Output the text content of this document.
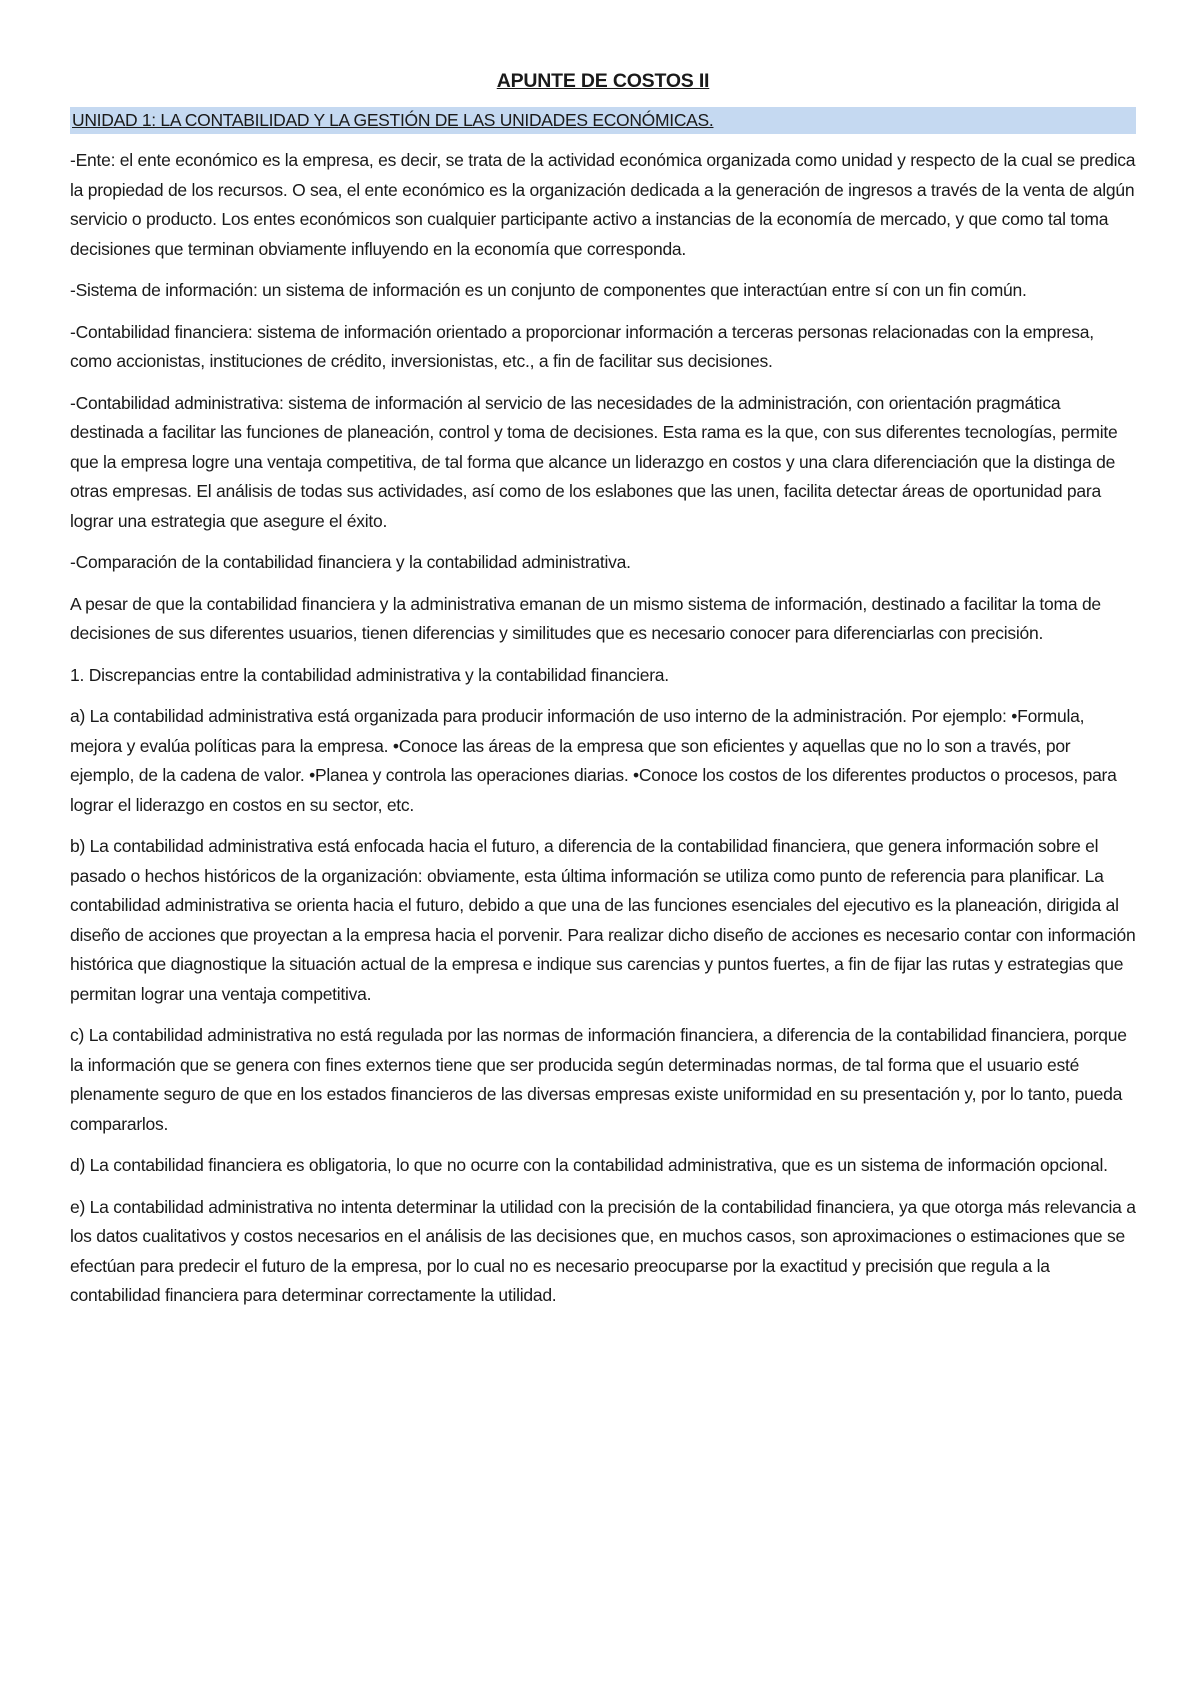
APUNTE DE COSTOS II
UNIDAD 1: LA CONTABILIDAD Y LA GESTIÓN DE LAS UNIDADES ECONÓMICAS.

-Ente: el ente económico es la empresa, es decir, se trata de la actividad económica organizada como unidad y respecto de la cual se predica la propiedad de los recursos. O sea, el ente económico es la organización dedicada a la generación de ingresos a través de la venta de algún servicio o producto. Los entes económicos son cualquier participante activo a instancias de la economía de mercado, y que como tal toma decisiones que terminan obviamente influyendo en la economía que corresponda.

-Sistema de información: un sistema de información es un conjunto de componentes que interactúan entre sí con un fin común.

-Contabilidad financiera: sistema de información orientado a proporcionar información a terceras personas relacionadas con la empresa, como accionistas, instituciones de crédito, inversionistas, etc., a fin de facilitar sus decisiones.

-Contabilidad administrativa: sistema de información al servicio de las necesidades de la administración, con orientación pragmática destinada a facilitar las funciones de planeación, control y toma de decisiones. Esta rama es la que, con sus diferentes tecnologías, permite que la empresa logre una ventaja competitiva, de tal forma que alcance un liderazgo en costos y una clara diferenciación que la distinga de otras empresas. El análisis de todas sus actividades, así como de los eslabones que las unen, facilita detectar áreas de oportunidad para lograr una estrategia que asegure el éxito.

-Comparación de la contabilidad financiera y la contabilidad administrativa.

A pesar de que la contabilidad financiera y la administrativa emanan de un mismo sistema de información, destinado a facilitar la toma de decisiones de sus diferentes usuarios, tienen diferencias y similitudes que es necesario conocer para diferenciarlas con precisión.

1. Discrepancias entre la contabilidad administrativa y la contabilidad financiera.

a) La contabilidad administrativa está organizada para producir información de uso interno de la administración. Por ejemplo: •Formula, mejora y evalúa políticas para la empresa. •Conoce las áreas de la empresa que son eficientes y aquellas que no lo son a través, por ejemplo, de la cadena de valor. •Planea y controla las operaciones diarias. •Conoce los costos de los diferentes productos o procesos, para lograr el liderazgo en costos en su sector, etc.

b) La contabilidad administrativa está enfocada hacia el futuro, a diferencia de la contabilidad financiera, que genera información sobre el pasado o hechos históricos de la organización: obviamente, esta última información se utiliza como punto de referencia para planificar. La contabilidad administrativa se orienta hacia el futuro, debido a que una de las funciones esenciales del ejecutivo es la planeación, dirigida al diseño de acciones que proyectan a la empresa hacia el porvenir. Para realizar dicho diseño de acciones es necesario contar con información histórica que diagnostique la situación actual de la empresa e indique sus carencias y puntos fuertes, a fin de fijar las rutas y estrategias que permitan lograr una ventaja competitiva.

c) La contabilidad administrativa no está regulada por las normas de información financiera, a diferencia de la contabilidad financiera, porque la información que se genera con fines externos tiene que ser producida según determinadas normas, de tal forma que el usuario esté plenamente seguro de que en los estados financieros de las diversas empresas existe uniformidad en su presentación y, por lo tanto, pueda compararlos.

d) La contabilidad financiera es obligatoria, lo que no ocurre con la contabilidad administrativa, que es un sistema de información opcional.

e) La contabilidad administrativa no intenta determinar la utilidad con la precisión de la contabilidad financiera, ya que otorga más relevancia a los datos cualitativos y costos necesarios en el análisis de las decisiones que, en muchos casos, son aproximaciones o estimaciones que se efectúan para predecir el futuro de la empresa, por lo cual no es necesario preocuparse por la exactitud y precisión que regula a la contabilidad financiera para determinar correctamente la utilidad.
